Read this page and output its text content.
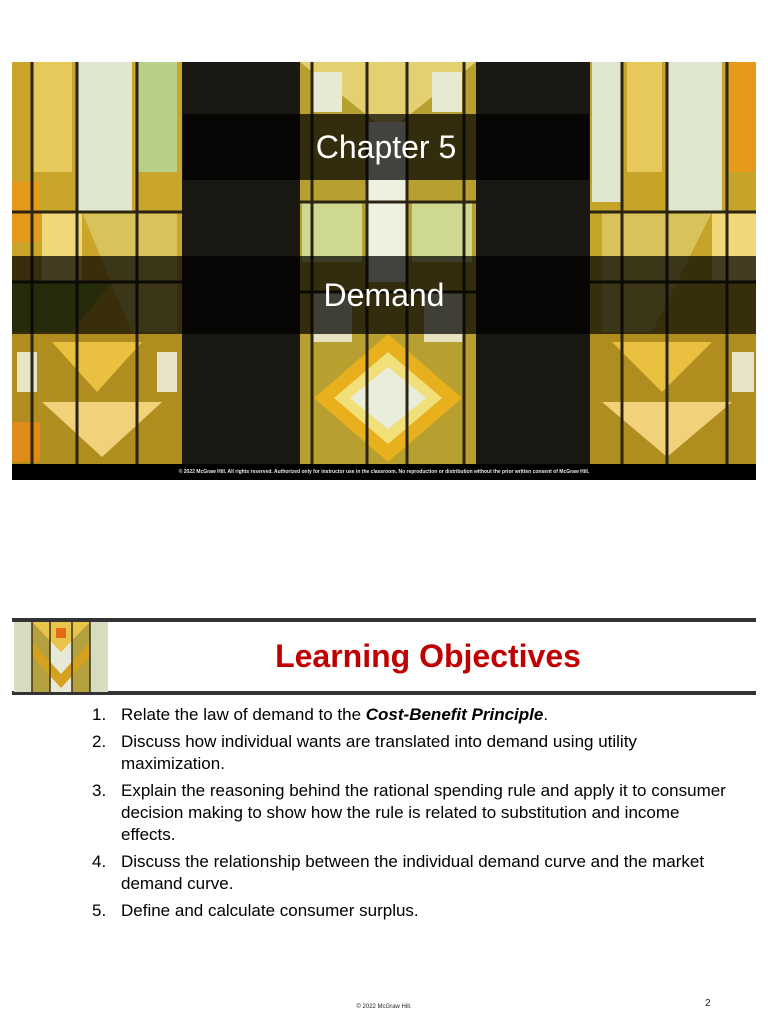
Chapter 5
Demand
© 2022 McGraw Hill. All rights reserved. Authorized only for instructor use in the classroom. No reproduction or distribution without the prior written consent of McGraw Hill.
Learning Objectives
1. Relate the law of demand to the Cost-Benefit Principle.
2. Discuss how individual wants are translated into demand using utility maximization.
3. Explain the reasoning behind the rational spending rule and apply it to consumer decision making to show how the rule is related to substitution and income effects.
4. Discuss the relationship between the individual demand curve and the market demand curve.
5. Define and calculate consumer surplus.
© 2022 McGraw Hill.	2
